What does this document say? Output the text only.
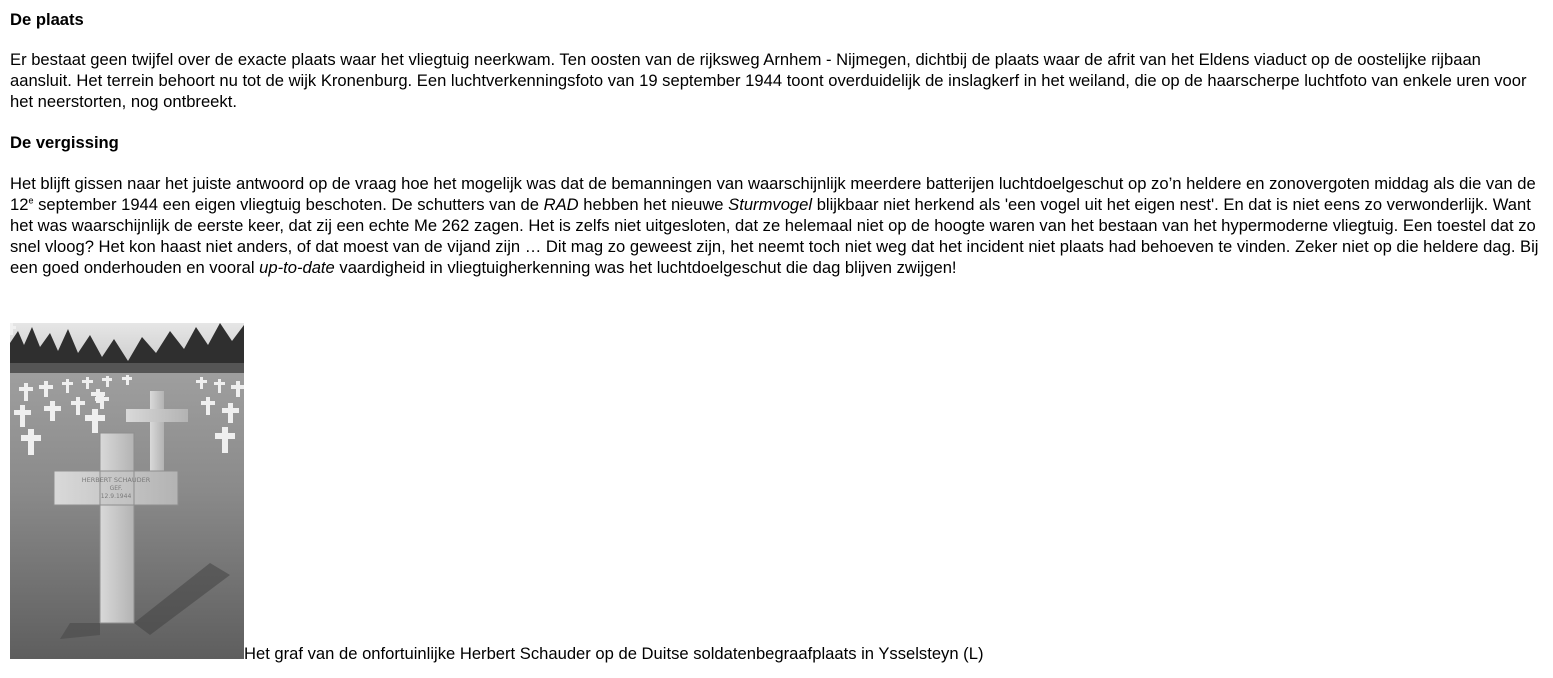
De plaats

Er bestaat geen twijfel over de exacte plaats waar het vliegtuig neerkwam. Ten oosten van de rijksweg Arnhem - Nijmegen, dichtbij de plaats waar de afrit van het Eldens viaduct op de oostelijke rijbaan aansluit. Het terrein behoort nu tot de wijk Kronenburg. Een luchtverkenningsfoto van 19 september 1944 toont overduidelijk de inslagkerf in het weiland, die op de haarscherpe luchtfoto van enkele uren voor het neerstorten, nog ontbreekt.

De vergissing

Het blijft gissen naar het juiste antwoord op de vraag hoe het mogelijk was dat de bemanningen van waarschijnlijk meerdere batterijen luchtdoelgeschut op zo’n heldere en zonovergoten middag als die van de 12e september 1944 een eigen vliegtuig beschoten. De schutters van de RAD hebben het nieuwe Sturmvogel blijkbaar niet herkend als 'een vogel uit het eigen nest'. En dat is niet eens zo verwonderlijk. Want het was waarschijnlijk de eerste keer, dat zij een echte Me 262 zagen. Het is zelfs niet uitgesloten, dat ze helemaal niet op de hoogte waren van het bestaan van het hypermoderne vliegtuig. Een toestel dat zo snel vloog? Het kon haast niet anders, of dat moest van de vijand zijn … Dit mag zo geweest zijn, het neemt toch niet weg dat het incident niet plaats had behoeven te vinden. Zeker niet op die heldere dag. Bij een goed onderhouden en vooral up-to-date vaardigheid in vliegtuigherkenning was het luchtdoelgeschut die dag blijven zwijgen!

HERBERT SCHAUDER
GEF.
12.9.1944
Het graf van de onfortuinlijke Herbert Schauder op de Duitse soldatenbegraafplaats in Ysselsteyn (L)
